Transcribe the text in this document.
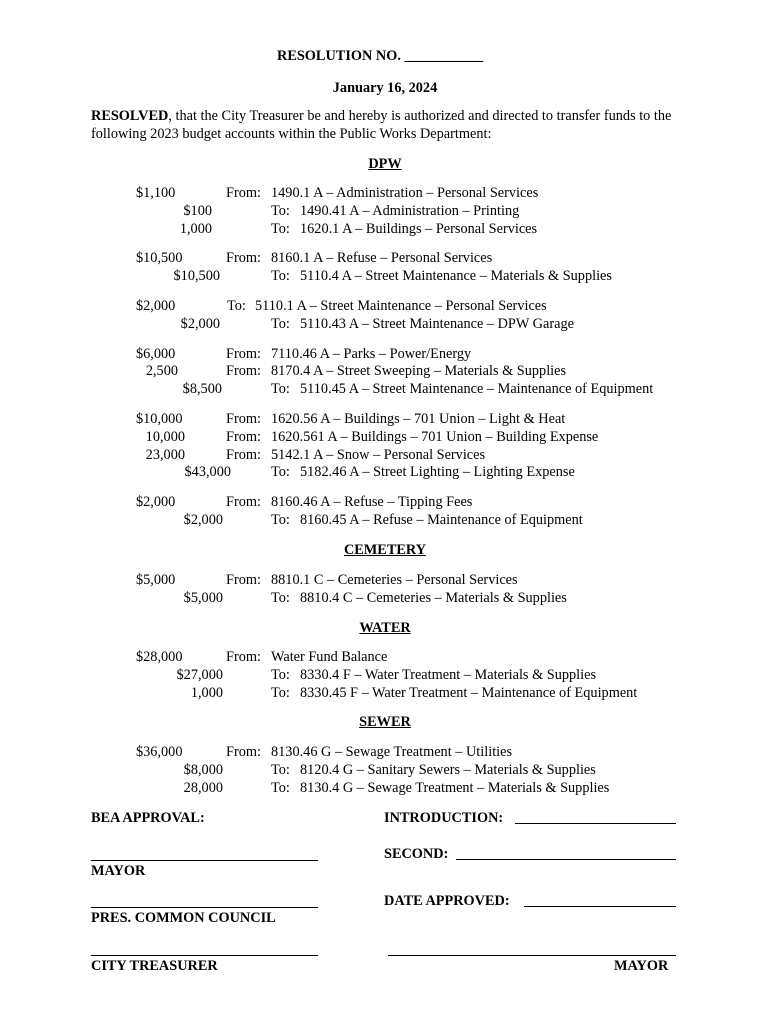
RESOLUTION NO. ___________
January 16, 2024
RESOLVED, that the City Treasurer be and hereby is authorized and directed to transfer funds to the following 2023 budget accounts within the Public Works Department:
DPW
$1,100	From: 1490.1 A – Administration – Personal Services
$100	To: 1490.41 A – Administration – Printing
1,000	To: 1620.1 A – Buildings – Personal Services
$10,500	From: 8160.1 A – Refuse – Personal Services
$10,500	To: 5110.4 A – Street Maintenance – Materials & Supplies
$2,000	To: 5110.1 A – Street Maintenance – Personal Services
$2,000	To: 5110.43 A – Street Maintenance – DPW Garage
$6,000	From: 7110.46 A – Parks – Power/Energy
2,500	From: 8170.4 A – Street Sweeping – Materials & Supplies
$8,500	To: 5110.45 A – Street Maintenance – Maintenance of Equipment
$10,000	From: 1620.56 A – Buildings – 701 Union – Light & Heat
10,000	From: 1620.561 A – Buildings – 701 Union – Building Expense
23,000	From: 5142.1 A – Snow – Personal Services
$43,000	To: 5182.46 A – Street Lighting – Lighting Expense
$2,000	From: 8160.46 A – Refuse – Tipping Fees
$2,000	To: 8160.45 A – Refuse – Maintenance of Equipment
CEMETERY
$5,000	From: 8810.1 C – Cemeteries – Personal Services
$5,000	To: 8810.4 C – Cemeteries – Materials & Supplies
WATER
$28,000	From: Water Fund Balance
$27,000	To: 8330.4 F – Water Treatment – Materials & Supplies
1,000	To: 8330.45 F – Water Treatment – Maintenance of Equipment
SEWER
$36,000	From: 8130.46 G – Sewage Treatment – Utilities
$8,000	To: 8120.4 G – Sanitary Sewers – Materials & Supplies
28,000	To: 8130.4 G – Sewage Treatment – Materials & Supplies
BEA APPROVAL:
MAYOR
PRES. COMMON COUNCIL
CITY TREASURER
INTRODUCTION:
SECOND:
DATE APPROVED:
MAYOR
